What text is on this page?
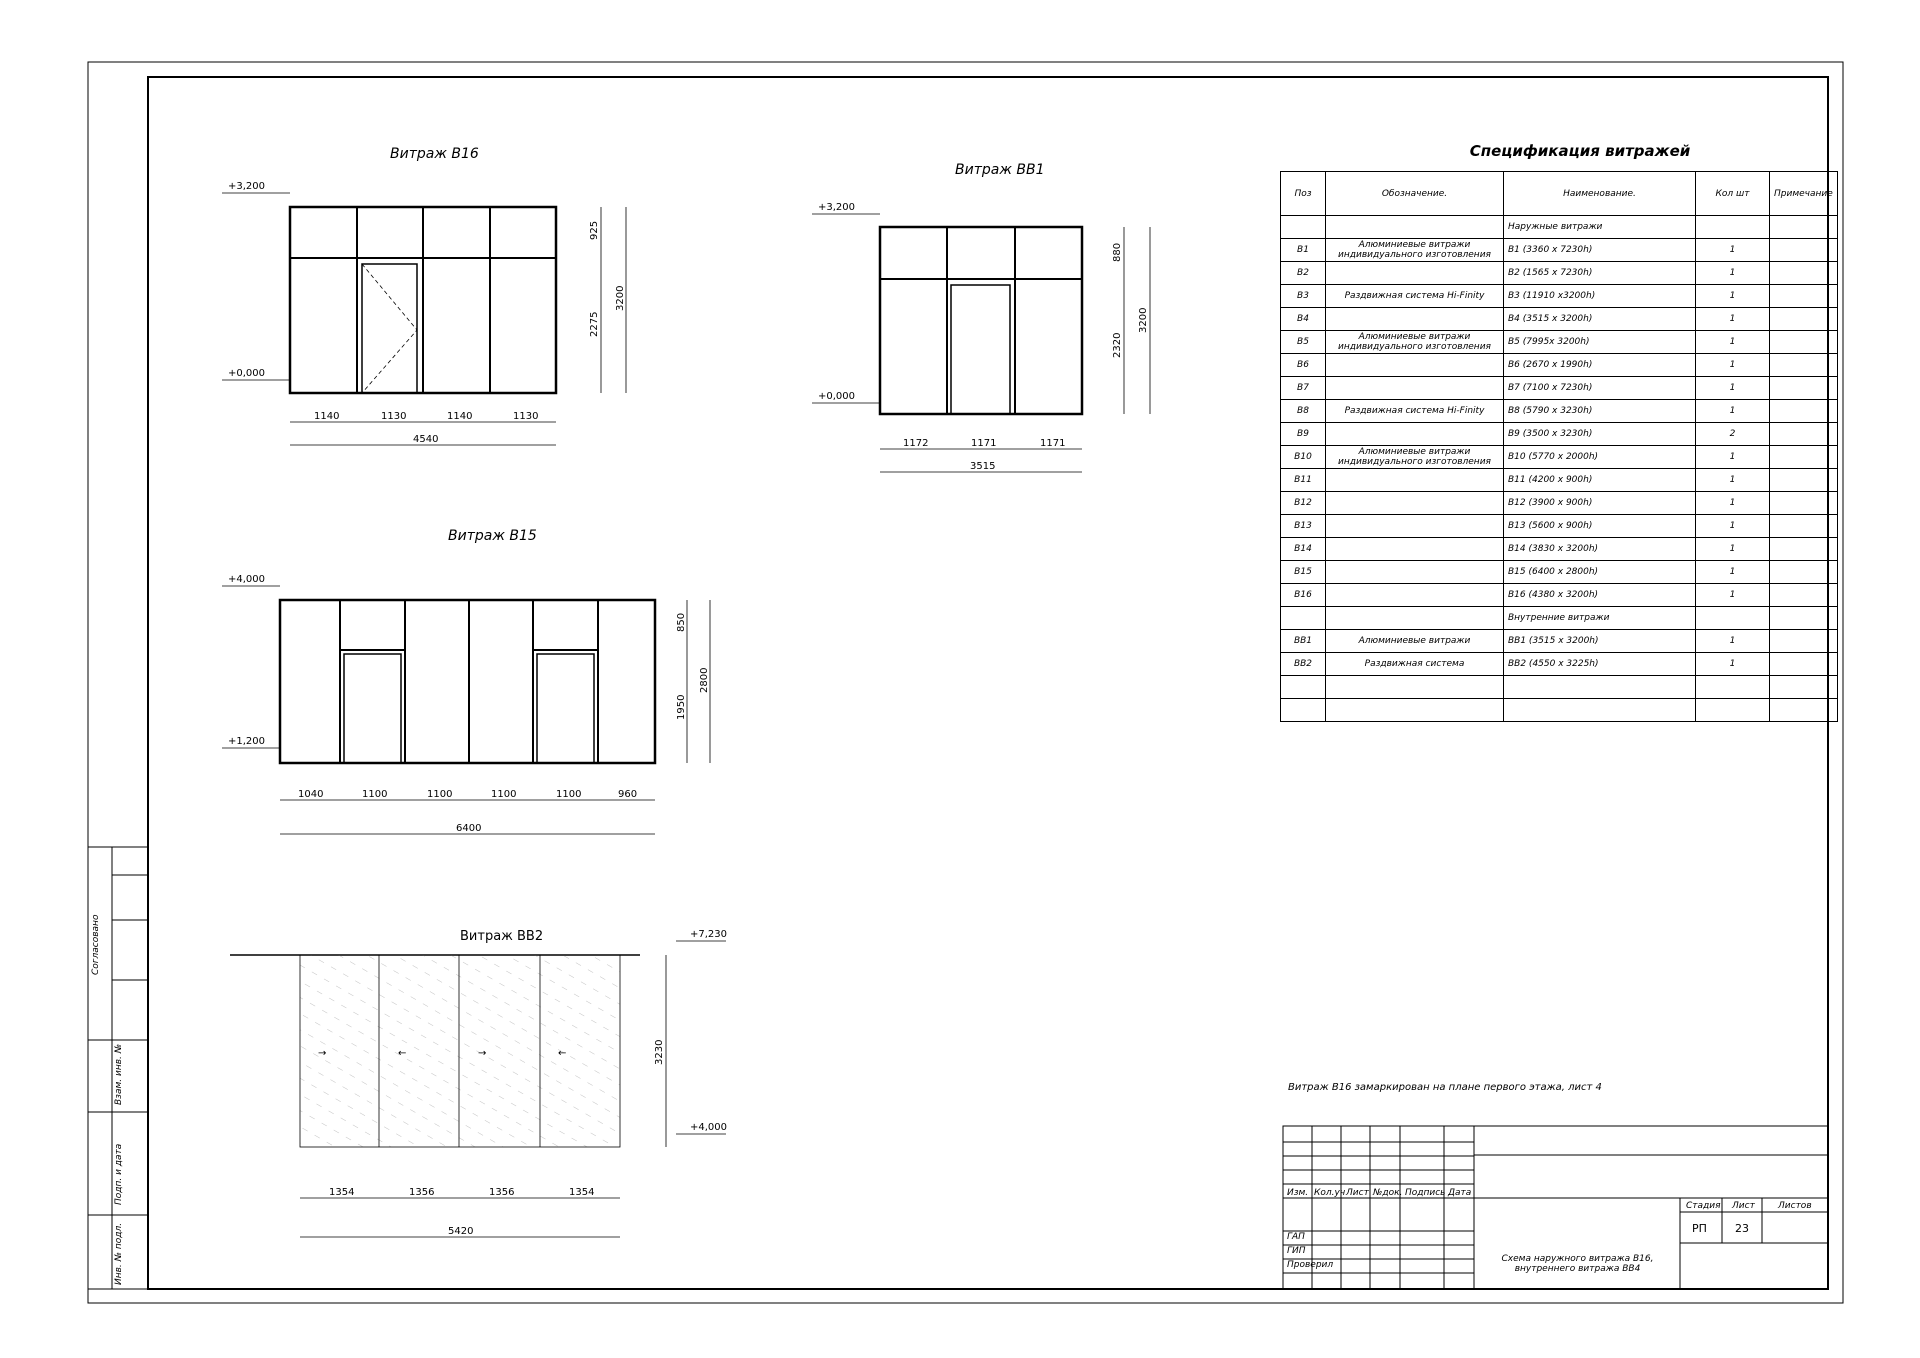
Витраж В16
+3,200
+0,000
1140	1130	1140	1130
4540
925
2275
3200
Витраж ВВ1
+3,200
+0,000
1172	1171	1171
3515
880
2320
3200
Витраж В15
+4,000
+1,200
1040	1100	1100	1100	1100	960
6400
850
1950
2800
Витраж ВВ2
→	←	→	←
+7,230
+4,000
1354	1356	1356	1354
5420
3230
Спецификация витражей
Поз	Обозначение.	Наименование.	Кол шт	Примечание
		Наружные витражи		
В1	Алюминиевые витражи индивидуального изготовления	В1 (3360 х 7230h)	1	
В2		В2 (1565 х 7230h)	1	
В3	Раздвижная система Hi-Finity	В3 (11910 х3200h)	1	
В4		В4 (3515 х 3200h)	1	
В5	Алюминиевые витражи индивидуального изготовления	В5 (7995х 3200h)	1	
В6		В6 (2670 х 1990h)	1	
В7		В7 (7100 х 7230h)	1	
В8	Раздвижная система Hi-Finity	В8 (5790 х 3230h)	1	
В9		В9 (3500 х 3230h)	2	
В10	Алюминиевые витражи индивидуального изготовления	В10 (5770 х 2000h)	1	
В11		В11 (4200 х 900h)	1	
В12		В12 (3900 х 900h)	1	
В13		В13 (5600 х 900h)	1	
В14		В14 (3830 х 3200h)	1	
В15		В15 (6400 х 2800h)	1	
В16		В16 (4380 х 3200h)	1	
		Внутренние витражи		
ВВ1	Алюминиевые витражи	ВВ1 (3515 х 3200h)	1	
ВВ2	Раздвижная система	ВВ2 (4550 х 3225h)	1	

Витраж В16 замаркирован на плане первого этажа, лист 4
Изм. Кол.уч Лист №док. Подпись Дата
ГАП
ГИП
Проверил
Стадия Лист	Листов
РП	23
Схема наружного витража В16, внутреннего витража ВВ4
Согласовано
Взам. инв. №
Подп. и дата
Инв. № подл.
